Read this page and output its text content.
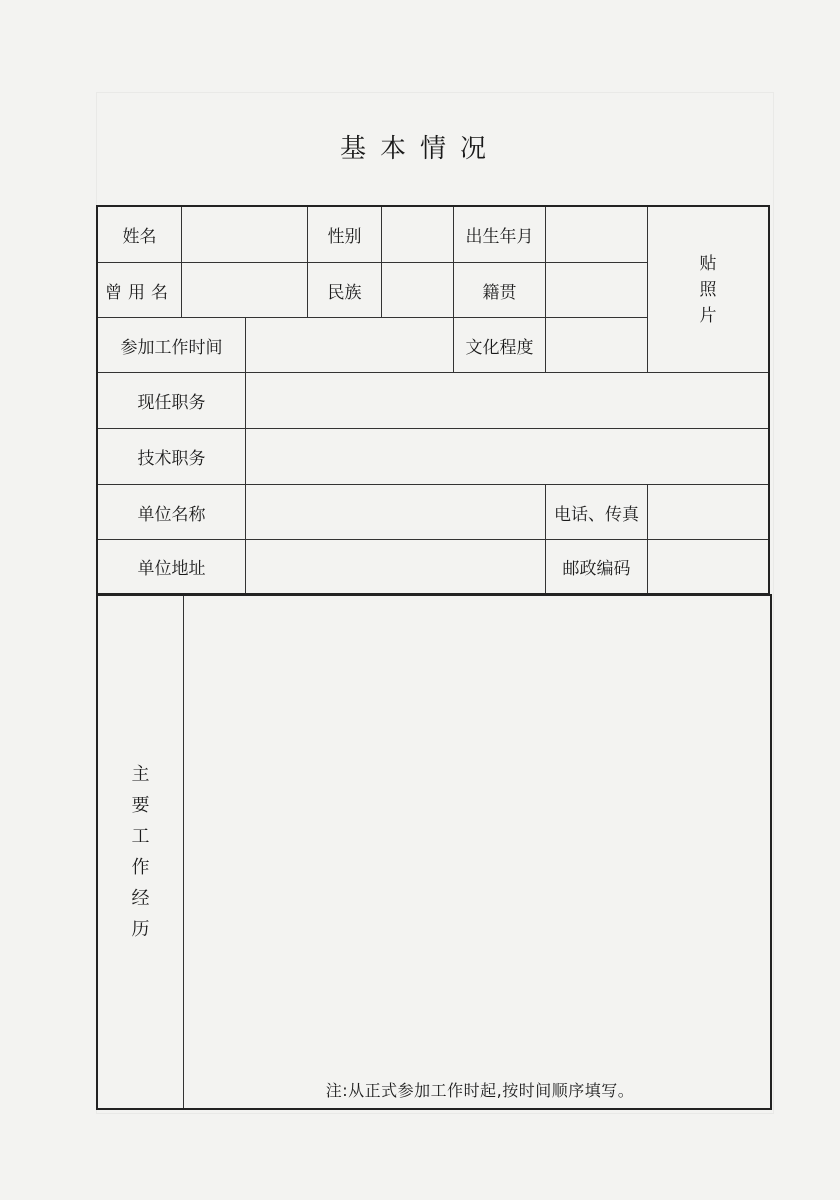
基本情况
姓名	性别	出生年月
贴
照
片
曾用名	民族	籍贯
参加工作时间	文化程度
现任职务
技术职务
单位名称	电话、传真
单位地址	邮政编码
主
要
工
作
经
历
注:从正式参加工作时起,按时间顺序填写。
